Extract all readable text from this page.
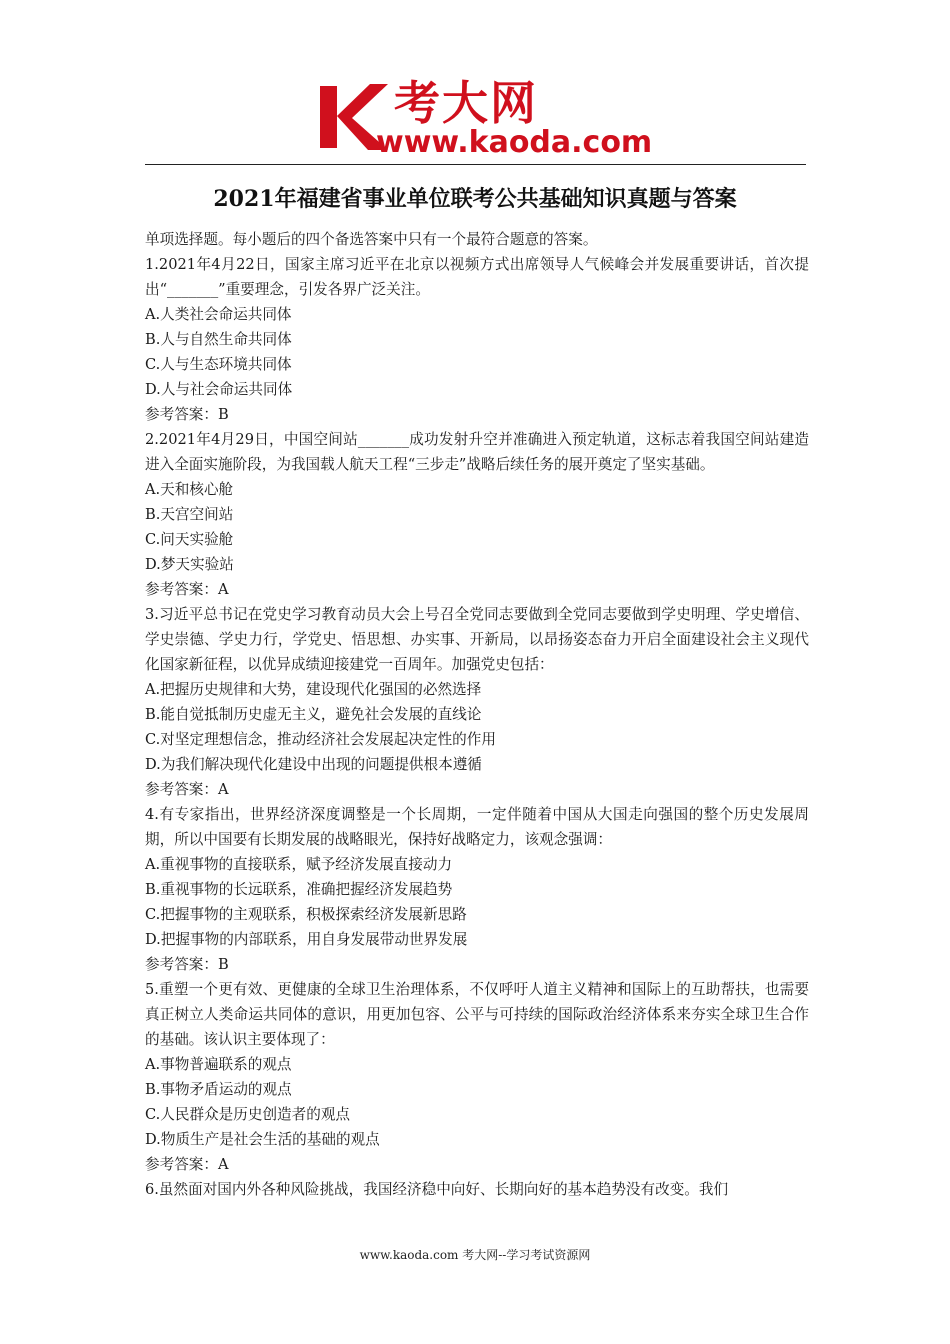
考大网

www.kaoda.com

2021年福建省事业单位联考公共基础知识真题与答案

单项选择题。每小题后的四个备选答案中只有一个最符合题意的答案。

1.2021年4月22日，国家主席习近平在北京以视频方式出席领导人气候峰会并发展重要讲话，首次提出“_______”重要理念，引发各界广泛关注。

A.人类社会命运共同体

B.人与自然生命共同体

C.人与生态环境共同体

D.人与社会命运共同体

参考答案：B

2.2021年4月29日，中国空间站_______成功发射升空并准确进入预定轨道，这标志着我国空间站建造进入全面实施阶段，为我国载人航天工程“三步走”战略后续任务的展开奠定了坚实基础。

A.天和核心舱

B.天宫空间站

C.问天实验舱

D.梦天实验站

参考答案：A

3.习近平总书记在党史学习教育动员大会上号召全党同志要做到全党同志要做到学史明理、学史增信、学史崇德、学史力行，学党史、悟思想、办实事、开新局，以昂扬姿态奋力开启全面建设社会主义现代化国家新征程，以优异成绩迎接建党一百周年。加强党史包括：

A.把握历史规律和大势，建设现代化强国的必然选择

B.能自觉抵制历史虚无主义，避免社会发展的直线论

C.对坚定理想信念，推动经济社会发展起决定性的作用

D.为我们解决现代化建设中出现的问题提供根本遵循

参考答案：A

4.有专家指出，世界经济深度调整是一个长周期，一定伴随着中国从大国走向强国的整个历史发展周期，所以中国要有长期发展的战略眼光，保持好战略定力，该观念强调：

A.重视事物的直接联系，赋予经济发展直接动力

B.重视事物的长远联系，准确把握经济发展趋势

C.把握事物的主观联系，积极探索经济发展新思路

D.把握事物的内部联系，用自身发展带动世界发展

参考答案：B

5.重塑一个更有效、更健康的全球卫生治理体系，不仅呼吁人道主义精神和国际上的互助帮扶，也需要真正树立人类命运共同体的意识，用更加包容、公平与可持续的国际政治经济体系来夯实全球卫生合作的基础。该认识主要体现了：

A.事物普遍联系的观点

B.事物矛盾运动的观点

C.人民群众是历史创造者的观点

D.物质生产是社会生活的基础的观点

参考答案：A

6.虽然面对国内外各种风险挑战，我国经济稳中向好、长期向好的基本趋势没有改变。我们

www.kaoda.com 考大网--学习考试资源网
